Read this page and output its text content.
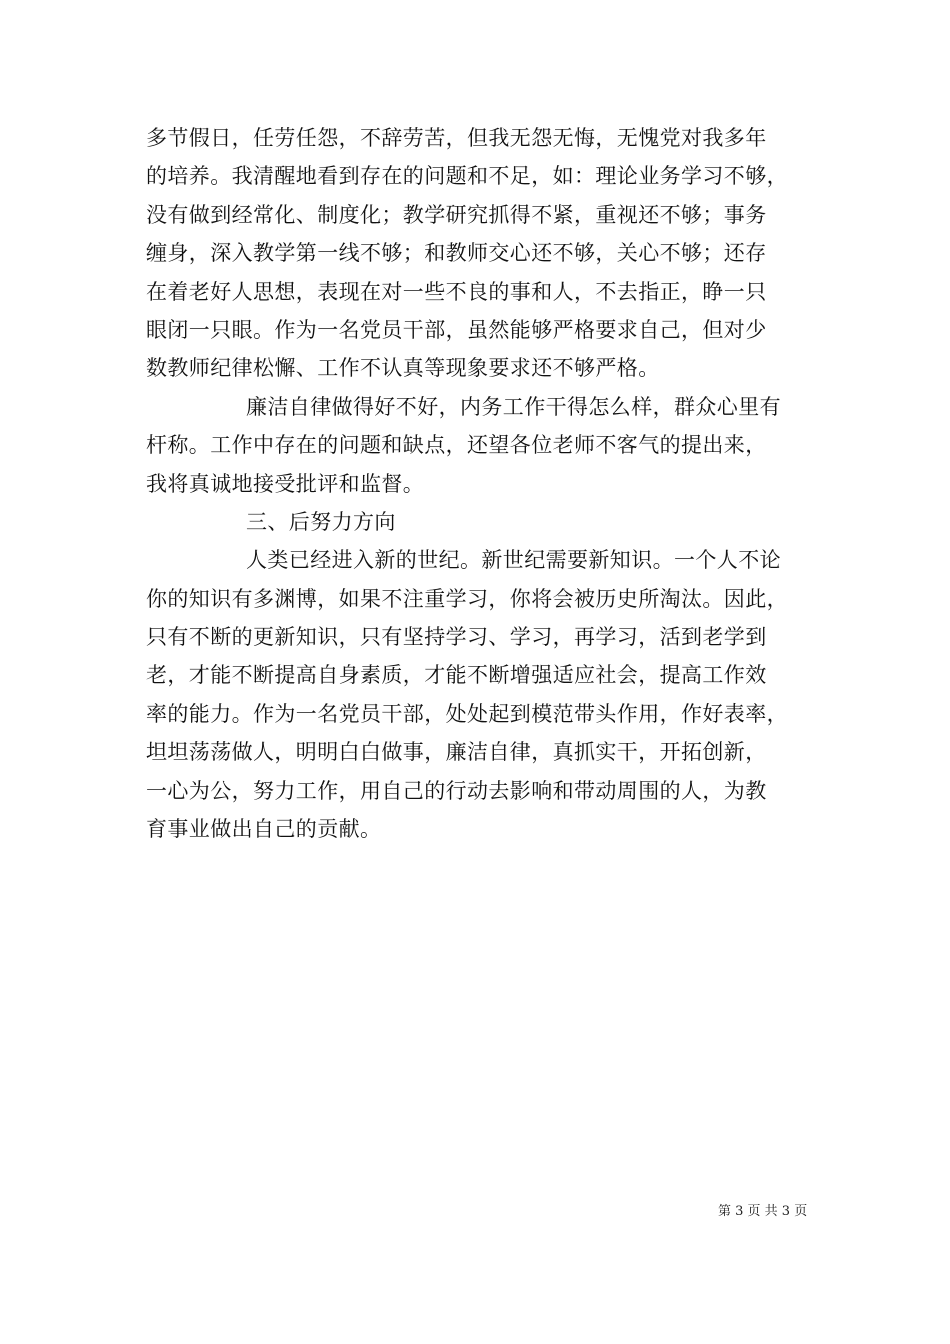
多节假日，任劳任怨，不辞劳苦，但我无怨无悔，无愧党对我多年
的培养。我清醒地看到存在的问题和不足，如：理论业务学习不够，
没有做到经常化、制度化；教学研究抓得不紧，重视还不够；事务
缠身，深入教学第一线不够；和教师交心还不够，关心不够；还存
在着老好人思想，表现在对一些不良的事和人，不去指正，睁一只
眼闭一只眼。作为一名党员干部，虽然能够严格要求自己，但对少
数教师纪律松懈、工作不认真等现象要求还不够严格。
廉洁自律做得好不好，内务工作干得怎么样，群众心里有
杆称。工作中存在的问题和缺点，还望各位老师不客气的提出来，
我将真诚地接受批评和监督。
三、后努力方向
人类已经进入新的世纪。新世纪需要新知识。一个人不论
你的知识有多渊博，如果不注重学习，你将会被历史所淘汰。因此，
只有不断的更新知识，只有坚持学习、学习，再学习，活到老学到
老，才能不断提高自身素质，才能不断增强适应社会，提高工作效
率的能力。作为一名党员干部，处处起到模范带头作用，作好表率，
坦坦荡荡做人，明明白白做事，廉洁自律，真抓实干，开拓创新，
一心为公，努力工作，用自己的行动去影响和带动周围的人，为教
育事业做出自己的贡献。
第 3 页 共 3 页
